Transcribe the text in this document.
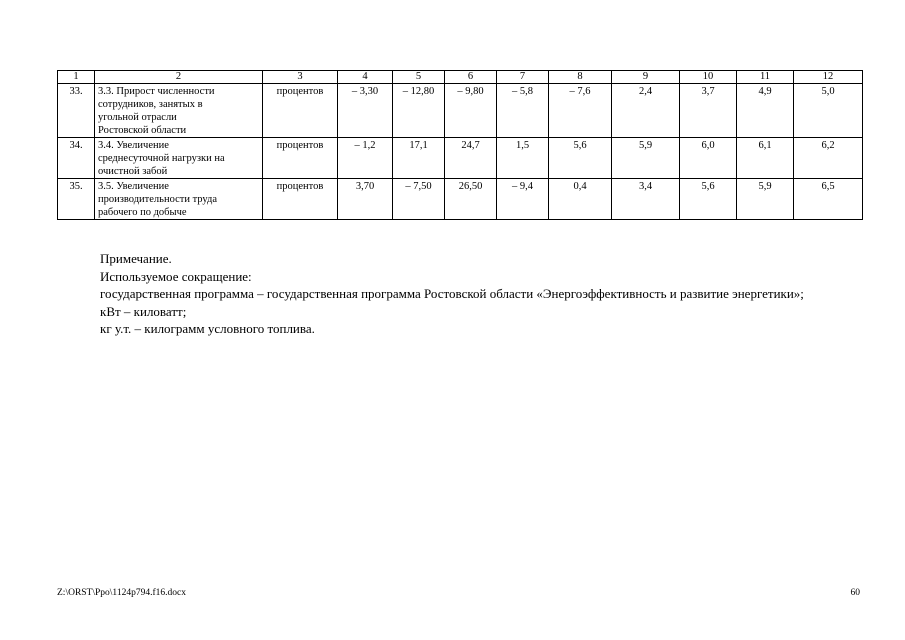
1	2	3	4	5	6	7	8	9	10	11	12
33.	3.3. Прирост численности
сотрудников, занятых в
угольной отрасли
Ростовской области	процентов	– 3,30	– 12,80	– 9,80	– 5,8	– 7,6	2,4	3,7	4,9	5,0
34.	3.4. Увеличение
среднесуточной нагрузки на
очистной забой	процентов	– 1,2	17,1	24,7	1,5	5,6	5,9	6,0	6,1	6,2
35.	3.5. Увеличение
производительности труда
рабочего по добыче	процентов	3,70	– 7,50	26,50	– 9,4	0,4	3,4	5,6	5,9	6,5

Примечание.

Используемое сокращение:

государственная программа – государственная программа Ростовской области «Энергоэффективность и развитие энергетики»;

кВт – киловатт;

кг у.т. – килограмм условного топлива.

Z:\ORST\Ppo\1124p794.f16.docx	60
